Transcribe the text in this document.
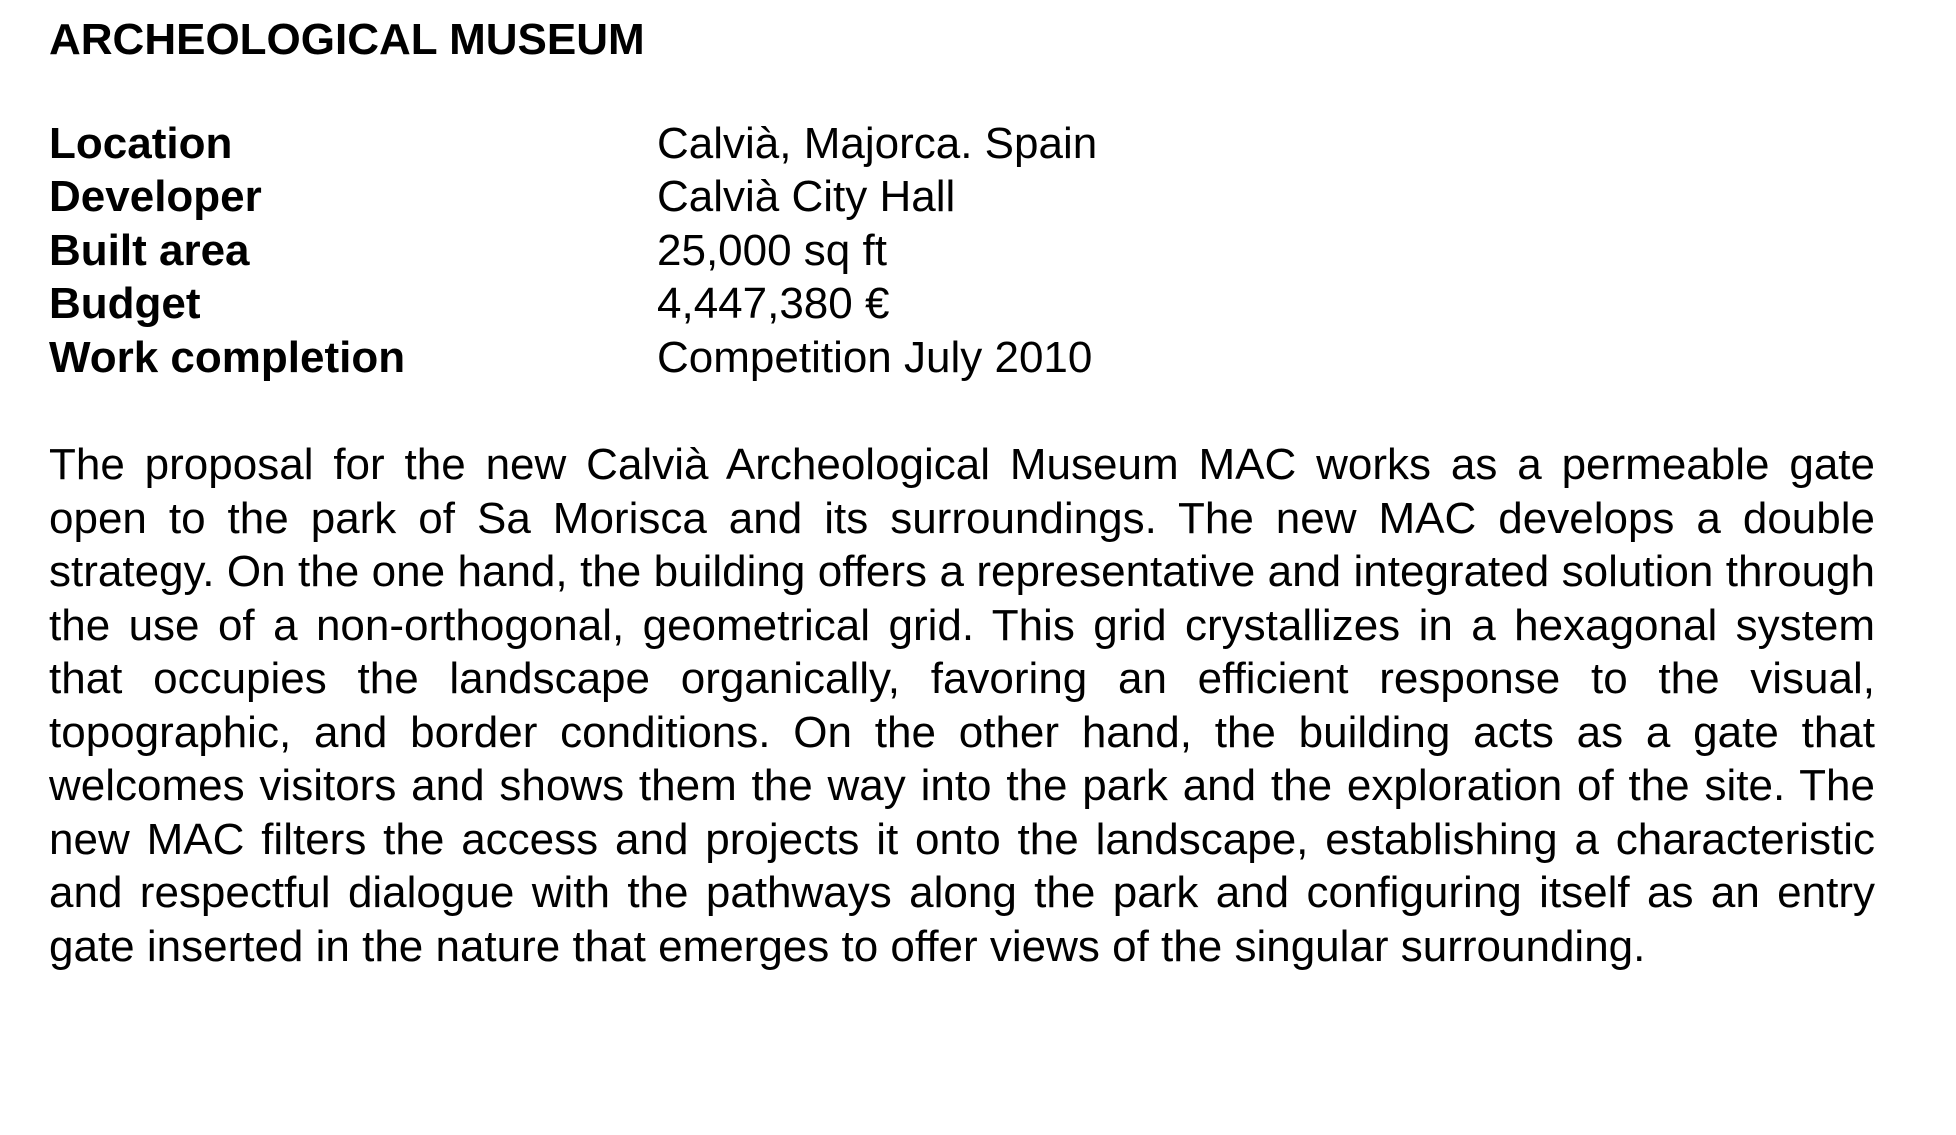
ARCHEOLOGICAL MUSEUM
Location	Calvià, Majorca. Spain
Developer	Calvià City Hall
Built area	25,000 sq ft
Budget	4,447,380 €
Work completion	Competition July 2010

The proposal for the new Calvià Archeological Museum MAC works as a permeable gate open to the park of Sa Morisca and its surroundings. The new MAC develops a double strategy. On the one hand, the building offers a representative and integrated solution through the use of a non-orthogonal, geometrical grid. This grid crystallizes in a hexagonal system that occupies the landscape organically, favoring an efficient response to the visual, topographic, and border conditions. On the other hand, the building acts as a gate that welcomes visitors and shows them the way into the park and the exploration of the site. The new MAC filters the access and projects it onto the landscape, establishing a characteristic and respectful dialogue with the pathways along the park and configuring itself as an entry gate inserted in the nature that emerges to offer views of the singular surrounding.
